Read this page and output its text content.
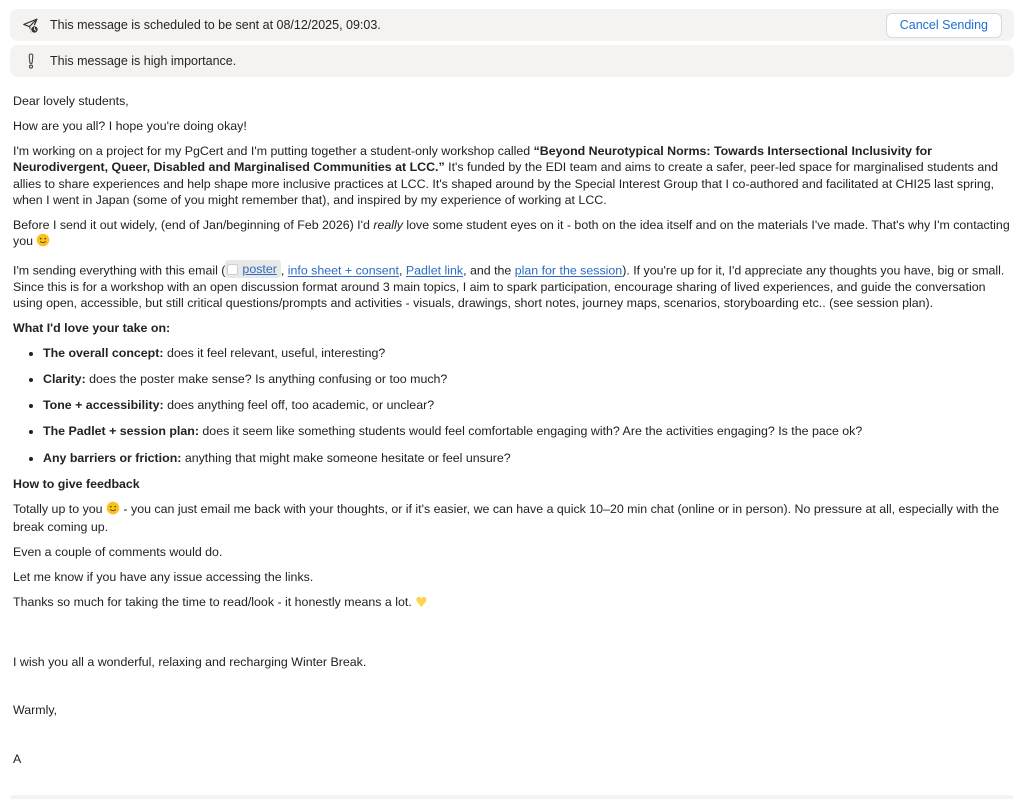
This message is scheduled to be sent at 08/12/2025, 09:03.	Cancel Sending
This message is high importance.

Dear lovely students,

How are you all? I hope you're doing okay!

I'm working on a project for my PgCert and I'm putting together a student-only workshop called “Beyond Neurotypical Norms: Towards Intersectional Inclusivity for Neurodivergent, Queer, Disabled and Marginalised Communities at LCC.” It's funded by the EDI team and aims to create a safer, peer-led space for marginalised students and allies to share experiences and help shape more inclusive practices at LCC. It's shaped around by the Special Interest Group that I co-authored and facilitated at CHI25 last spring, when I went in Japan (some of you might remember that), and inspired by my experience of working at LCC.

Before I send it out widely, (end of Jan/beginning of Feb 2026) I'd really love some student eyes on it - both on the idea itself and on the materials I've made. That's why I'm contacting you

I'm sending everything with this email ( poster , info sheet + consent, Padlet link, and the plan for the session). If you're up for it, I'd appreciate any thoughts you have, big or small. Since this is for a workshop with an open discussion format around 3 main topics, I aim to spark participation, encourage sharing of lived experiences, and guide the conversation using open, accessible, but still critical questions/prompts and activities - visuals, drawings, short notes, journey maps, scenarios, storyboarding etc.. (see session plan).

What I'd love your take on:

• The overall concept: does it feel relevant, useful, interesting?
• Clarity: does the poster make sense? Is anything confusing or too much?
• Tone + accessibility: does anything feel off, too academic, or unclear?
• The Padlet + session plan: does it seem like something students would feel comfortable engaging with? Are the activities engaging? Is the pace ok?
• Any barriers or friction: anything that might make someone hesitate or feel unsure?

How to give feedback

Totally up to you  - you can just email me back with your thoughts, or if it's easier, we can have a quick 10–20 min chat (online or in person). No pressure at all, especially with the break coming up.

Even a couple of comments would do.

Let me know if you have any issue accessing the links.

Thanks so much for taking the time to read/look - it honestly means a lot. ♥

I wish you all a wonderful, relaxing and recharging Winter Break.

Warmly,

A
